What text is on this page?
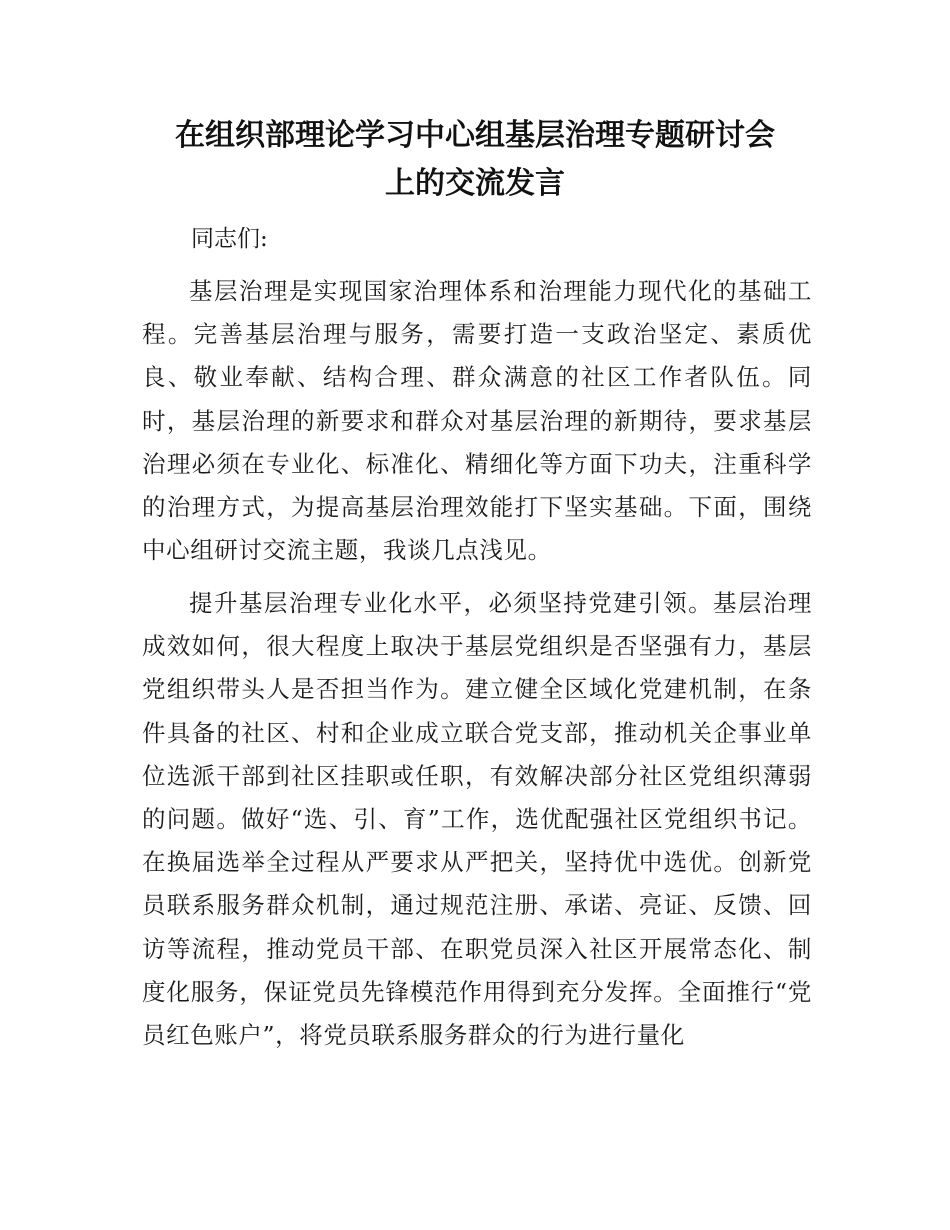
在组织部理论学习中心组基层治理专题研讨会
上的交流发言

同志们:

基层治理是实现国家治理体系和治理能力现代化的基础工程。完善基层治理与服务，需要打造一支政治坚定、素质优良、敬业奉献、结构合理、群众满意的社区工作者队伍。同时，基层治理的新要求和群众对基层治理的新期待，要求基层治理必须在专业化、标准化、精细化等方面下功夫，注重科学的治理方式，为提高基层治理效能打下坚实基础。下面，围绕中心组研讨交流主题，我谈几点浅见。

提升基层治理专业化水平，必须坚持党建引领。基层治理成效如何，很大程度上取决于基层党组织是否坚强有力，基层党组织带头人是否担当作为。建立健全区域化党建机制，在条件具备的社区、村和企业成立联合党支部，推动机关企事业单位选派干部到社区挂职或任职，有效解决部分社区党组织薄弱的问题。做好“选、引、育”工作，选优配强社区党组织书记。在换届选举全过程从严要求从严把关，坚持优中选优。创新党员联系服务群众机制，通过规范注册、承诺、亮证、反馈、回访等流程，推动党员干部、在职党员深入社区开展常态化、制度化服务，保证党员先锋模范作用得到充分发挥。全面推行“党员红色账户”，将党员联系服务群众的行为进行量化
